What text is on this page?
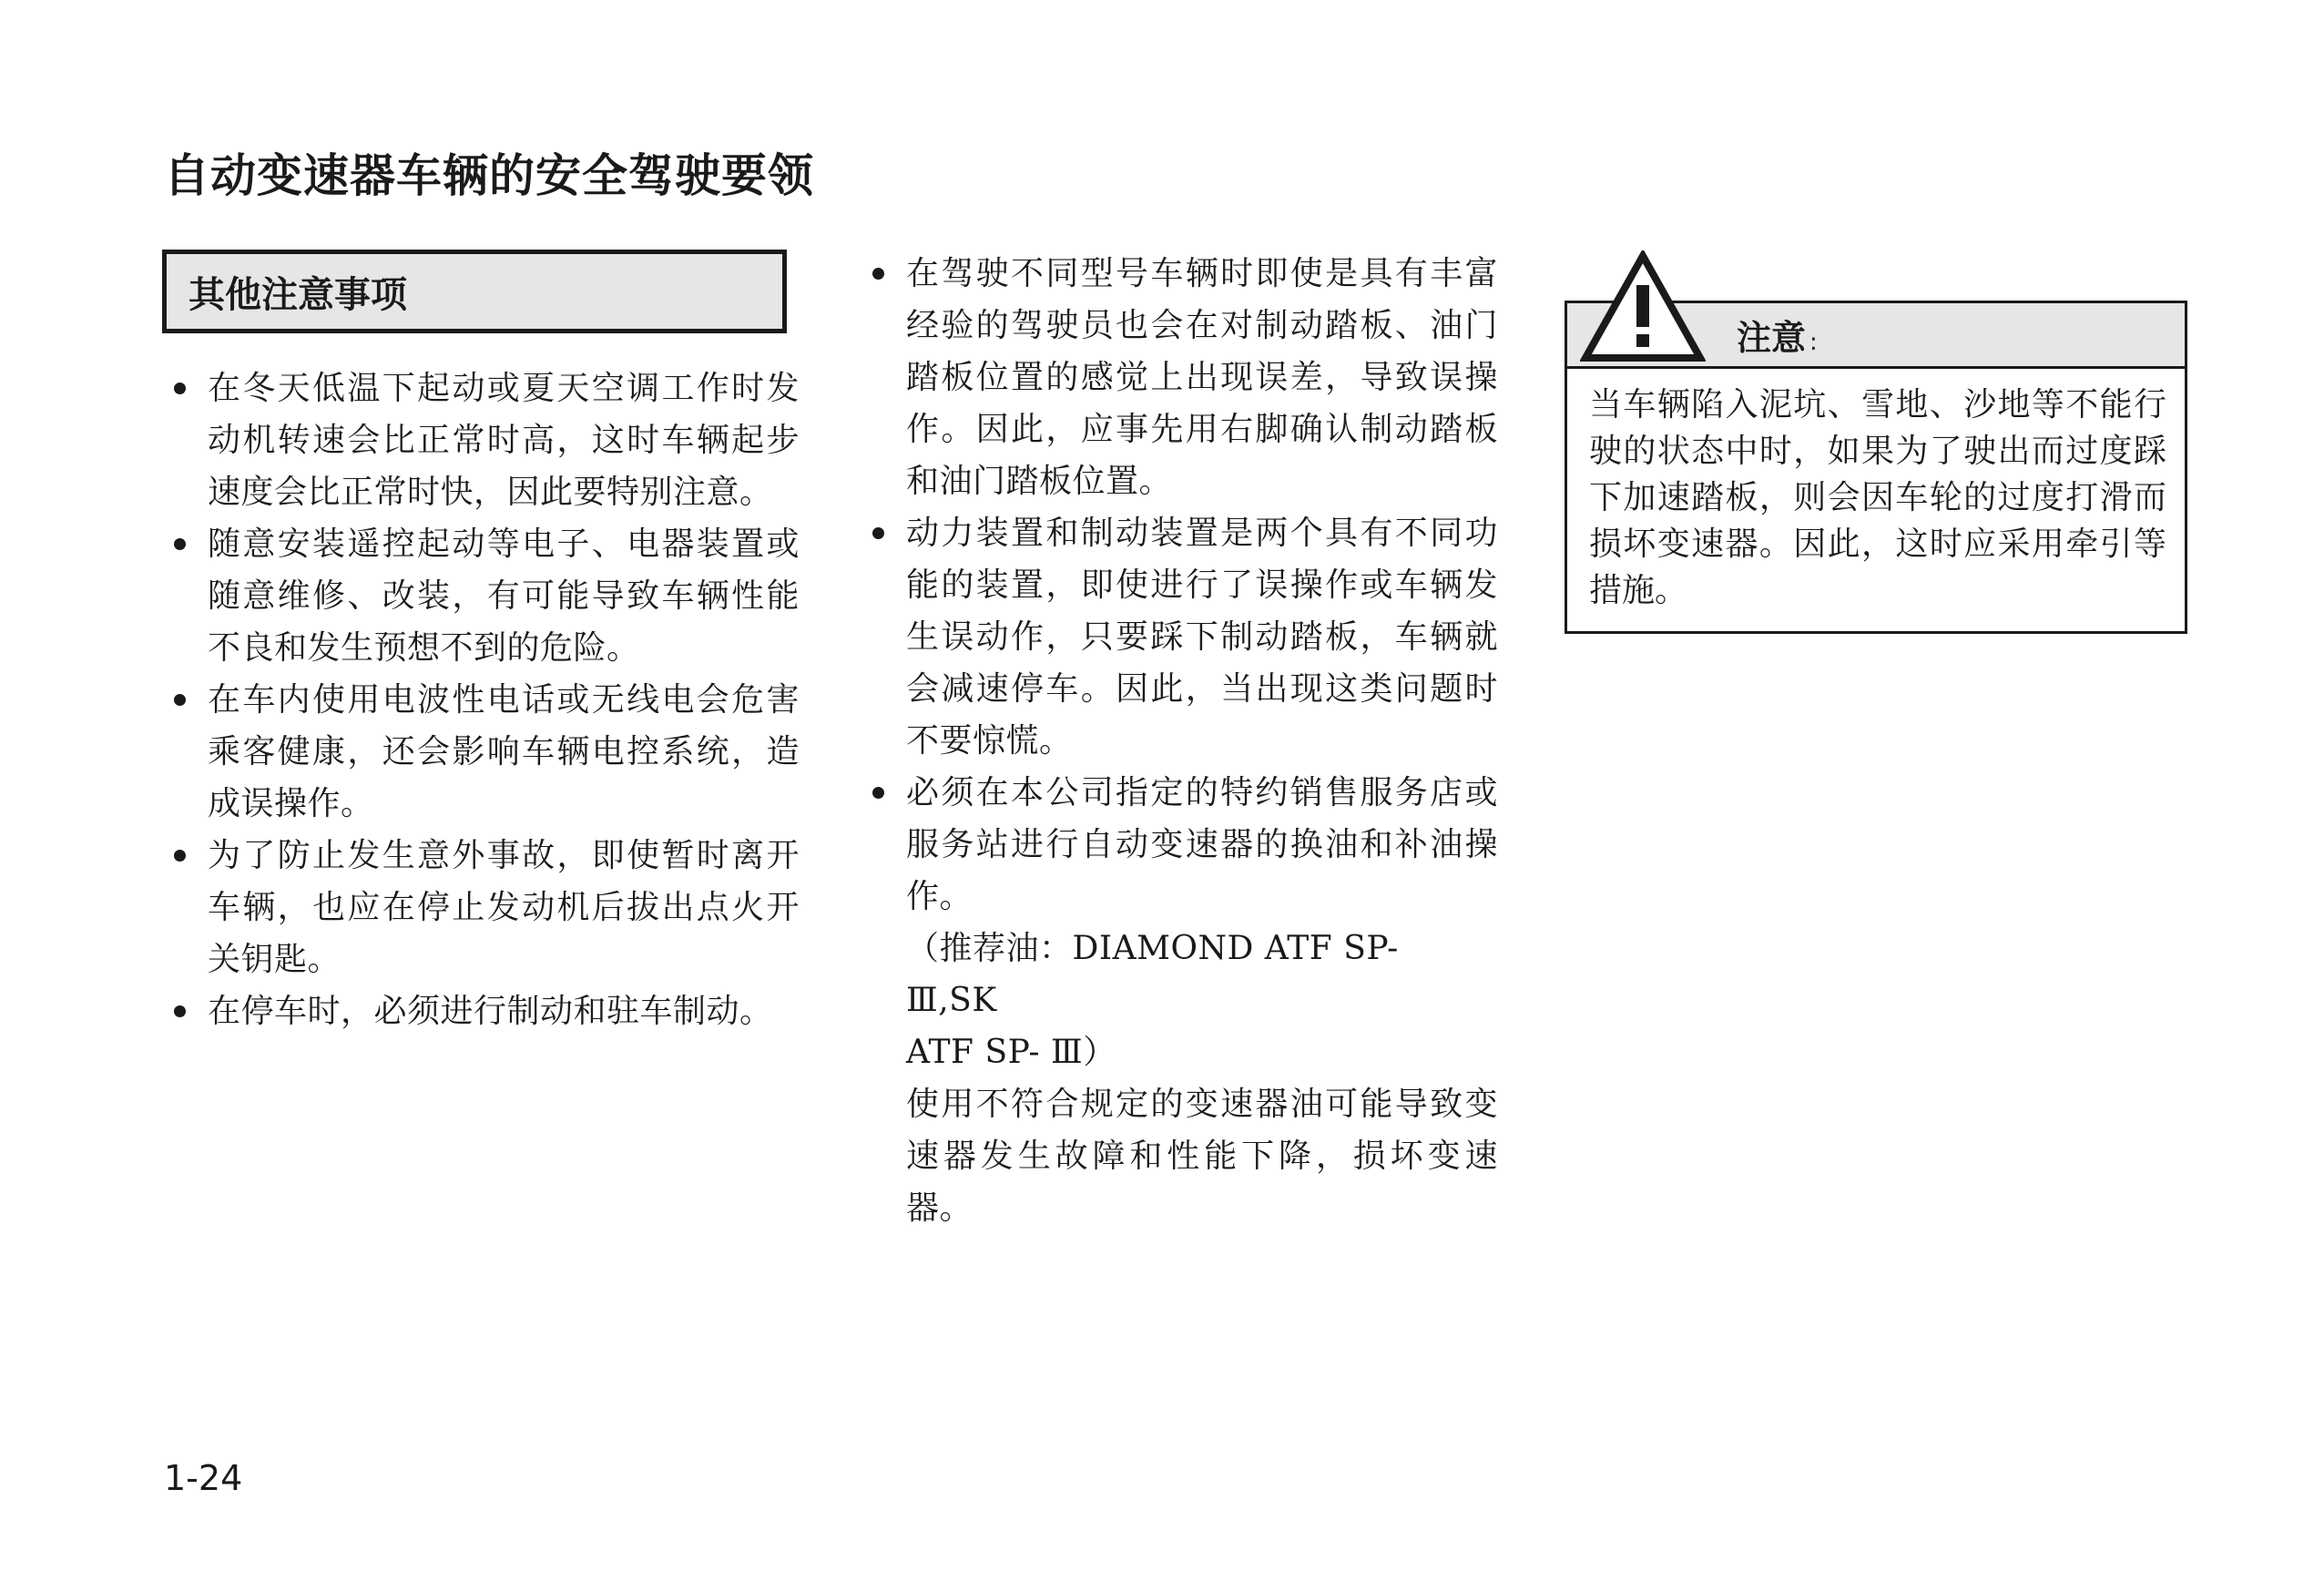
自动变速器车辆的安全驾驶要领
其他注意事项
在冬天低温下起动或夏天空调工作时发动机转速会比正常时高，这时车辆起步速度会比正常时快，因此要特别注意。
随意安装遥控起动等电子、电器装置或随意维修、改装，有可能导致车辆性能不良和发生预想不到的危险。
在车内使用电波性电话或无线电会危害乘客健康，还会影响车辆电控系统，造成误操作。
为了防止发生意外事故，即使暂时离开车辆，也应在停止发动机后拔出点火开关钥匙。
在停车时，必须进行制动和驻车制动。
在驾驶不同型号车辆时即使是具有丰富经验的驾驶员也会在对制动踏板、油门踏板位置的感觉上出现误差，导致误操作。因此，应事先用右脚确认制动踏板和油门踏板位置。
动力装置和制动装置是两个具有不同功能的装置，即使进行了误操作或车辆发生误动作，只要踩下制动踏板，车辆就会减速停车。因此，当出现这类问题时不要惊慌。
必须在本公司指定的特约销售服务店或服务站进行自动变速器的换油和补油操作。
（推荐油：DIAMOND ATF SP- Ⅲ,SK
ATF SP- Ⅲ）
使用不符合规定的变速器油可能导致变速器发生故障和性能下降，损坏变速器。
注意 :
当车辆陷入泥坑、雪地、沙地等不能行驶的状态中时，如果为了驶出而过度踩下加速踏板，则会因车轮的过度打滑而损坏变速器。因此，这时应采用牵引等措施。
1-24
